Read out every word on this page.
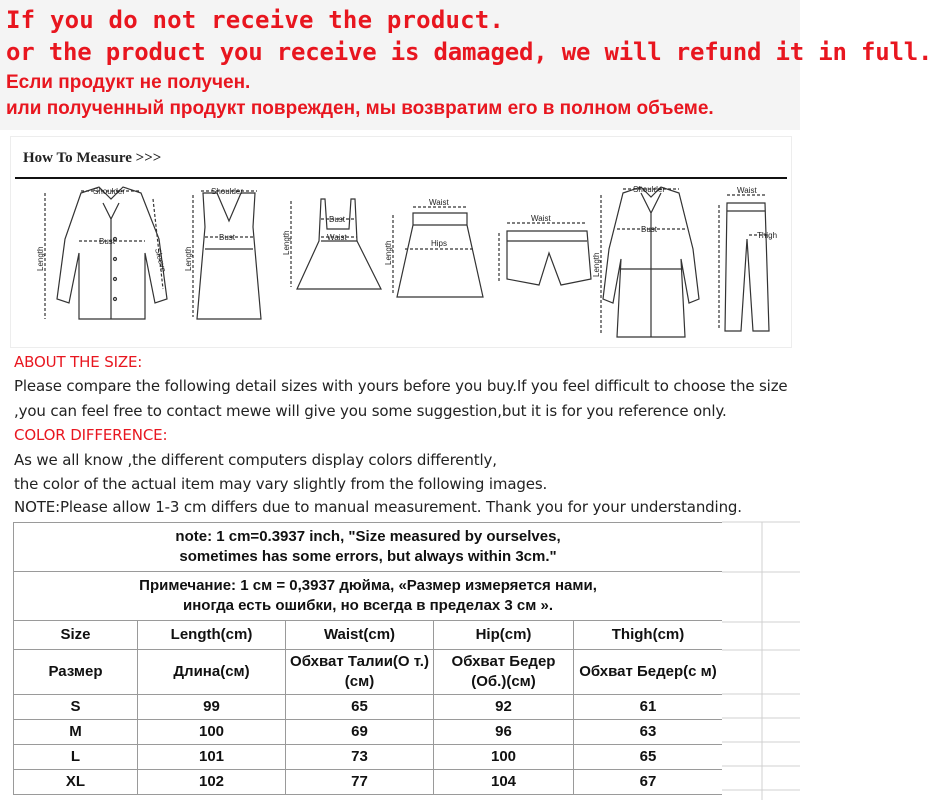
If you do not receive the product.
or the product you receive is damaged, we will refund it in full.
Если продукт не получен.
или полученный продукт поврежден, мы возвратим его в полном объеме.
How To Measure >>>
Shoulder
Bust
Sleeve
Length
Shoulder
Bust
Length
Bust
Waist
Length
Waist
Hips
Length
Waist
Shoulder
Bust
Length
Waist
Thigh
ABOUT THE SIZE:
Please compare the following detail sizes with yours before you buy.If you feel difficult to choose the size
,you can feel free to contact mewe will give you some suggestion,but it is for you reference only.
COLOR DIFFERENCE:
As we all know ,the different computers display colors differently,
the color of the actual item may vary slightly from the following images.
NOTE:Please allow 1-3 cm differs due to manual measurement. Thank you for your understanding.
note: 1 cm=0.3937 inch, "Size measured by ourselves,
sometimes has some errors, but always within 3cm."				

Примечание: 1 см = 0,3937 дюйма, «Размер измеряется нами,
иногда есть ошибки, но всегда в пределах 3 см ».				

Size	Length(cm)	Waist(cm)	Hip(cm)	Thigh(cm)
Размер	Длина(см)	Обхват Талии(О т.)(см)	Обхват Бедер (Об.)(см)	Обхват Бедер(с м)
S	99	65	92	61
M	100	69	96	63
L	101	73	100	65
XL	102	77	104	67
